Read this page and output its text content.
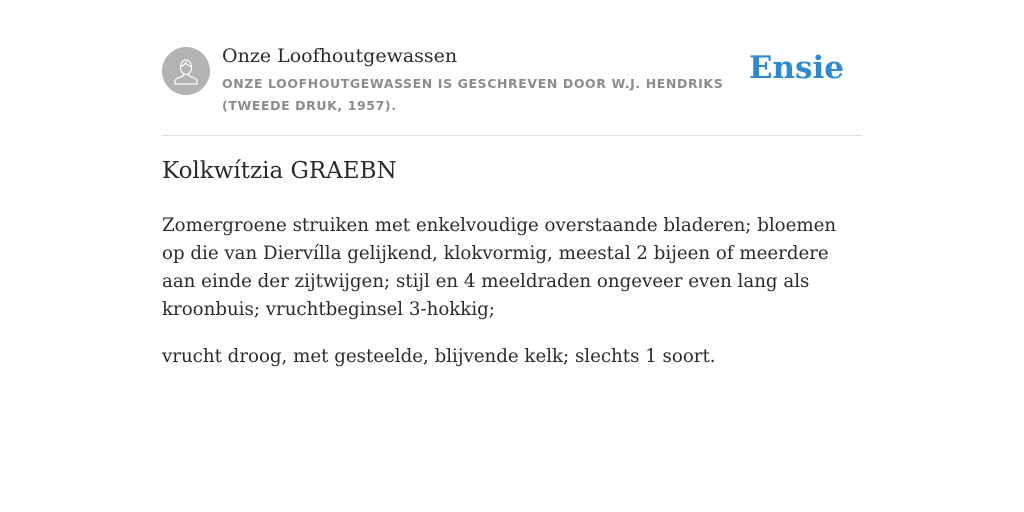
Onze Loofhoutgewassen

ONZE LOOFHOUTGEWASSEN IS GESCHREVEN DOOR W.J. HENDRIKS (TWEEDE DRUK, 1957).

Ensie
Kolkwítzia GRAEBN

Zomergroene struiken met enkelvoudige overstaande bladeren; bloemen op die van Diervílla gelijkend, klokvormig, meestal 2 bijeen of meerdere aan einde der zijtwijgen; stijl en 4 meeldraden ongeveer even lang als kroonbuis; vruchtbeginsel 3-hokkig;

vrucht droog, met gesteelde, blijvende kelk; slechts 1 soort.
